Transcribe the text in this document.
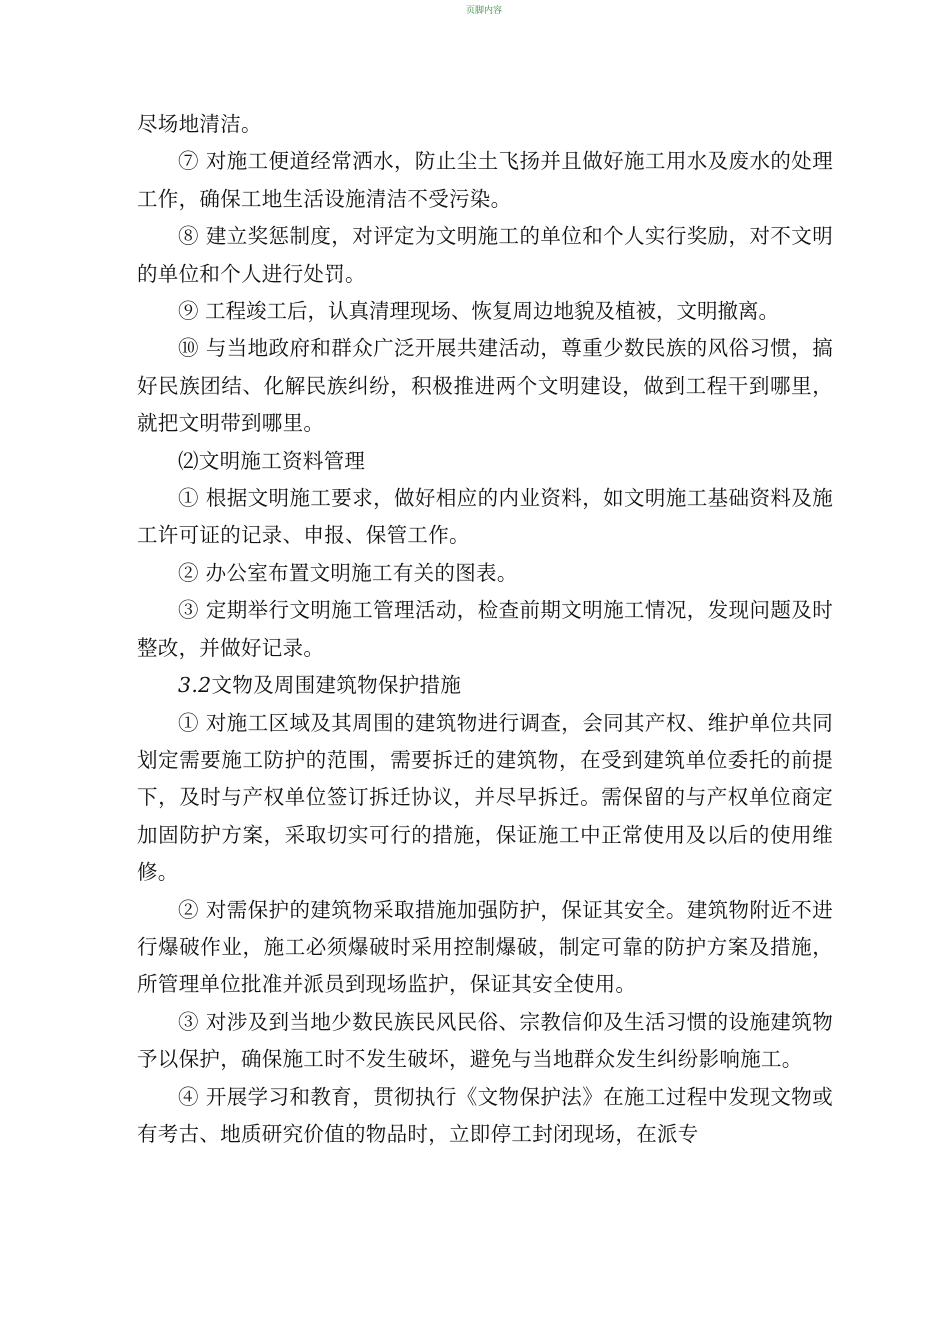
页脚内容

尽场地清洁。

⑦ 对施工便道经常洒水，防止尘土飞扬并且做好施工用水及废水的处理工作，确保工地生活设施清洁不受污染。

⑧ 建立奖惩制度，对评定为文明施工的单位和个人实行奖励，对不文明的单位和个人进行处罚。

⑨ 工程竣工后，认真清理现场、恢复周边地貌及植被，文明撤离。

⑩ 与当地政府和群众广泛开展共建活动，尊重少数民族的风俗习惯，搞好民族团结、化解民族纠纷，积极推进两个文明建设，做到工程干到哪里，就把文明带到哪里。

⑵文明施工资料管理

① 根据文明施工要求，做好相应的内业资料，如文明施工基础资料及施工许可证的记录、申报、保管工作。

② 办公室布置文明施工有关的图表。

③ 定期举行文明施工管理活动，检查前期文明施工情况，发现问题及时整改，并做好记录。

3.2文物及周围建筑物保护措施

① 对施工区域及其周围的建筑物进行调查，会同其产权、维护单位共同划定需要施工防护的范围，需要拆迁的建筑物，在受到建筑单位委托的前提下，及时与产权单位签订拆迁协议，并尽早拆迁。需保留的与产权单位商定加固防护方案，采取切实可行的措施，保证施工中正常使用及以后的使用维修。

② 对需保护的建筑物采取措施加强防护，保证其安全。建筑物附近不进行爆破作业，施工必须爆破时采用控制爆破，制定可靠的防护方案及措施，所管理单位批准并派员到现场监护，保证其安全使用。

③ 对涉及到当地少数民族民风民俗、宗教信仰及生活习惯的设施建筑物予以保护，确保施工时不发生破坏，避免与当地群众发生纠纷影响施工。

④ 开展学习和教育，贯彻执行《文物保护法》在施工过程中发现文物或有考古、地质研究价值的物品时，立即停工封闭现场，在派专
